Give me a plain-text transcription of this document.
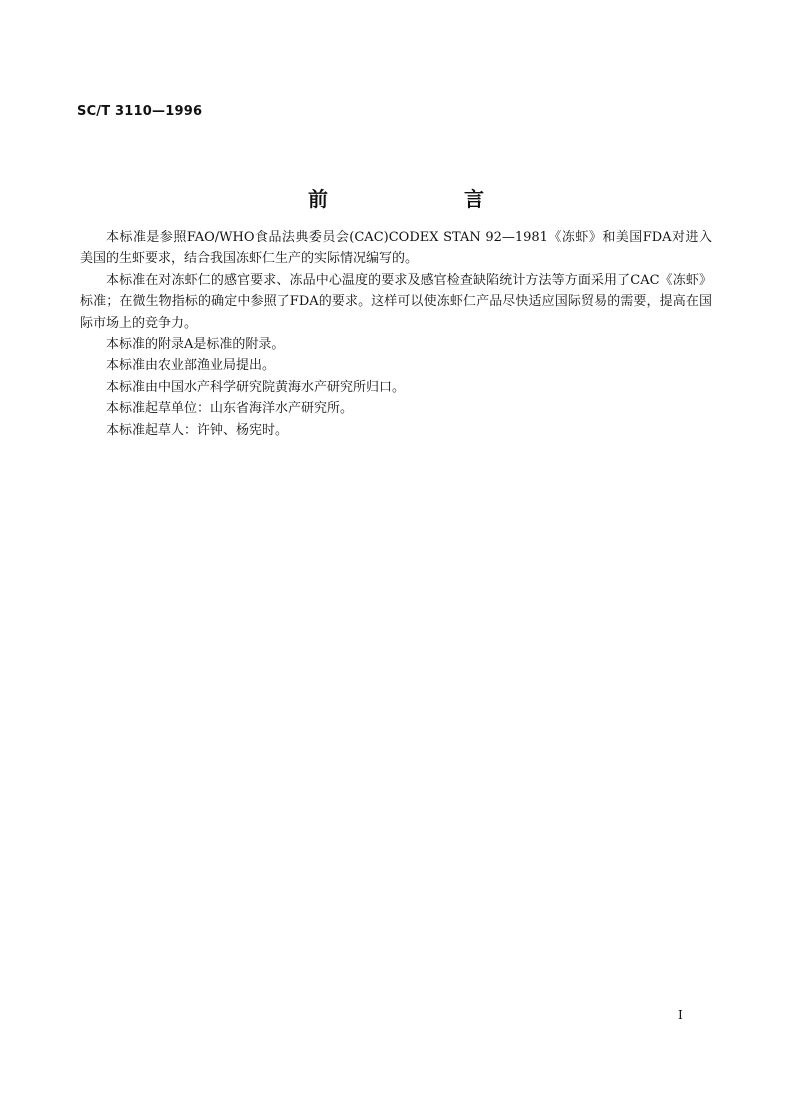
SC/T 3110—1996
前　言

本标准是参照FAO/WHO食品法典委员会(CAC)CODEX STAN 92—1981《冻虾》和美国FDA对进入美国的生虾要求，结合我国冻虾仁生产的实际情况编写的。

本标准在对冻虾仁的感官要求、冻品中心温度的要求及感官检查缺陷统计方法等方面采用了CAC《冻虾》标准；在微生物指标的确定中参照了FDA的要求。这样可以使冻虾仁产品尽快适应国际贸易的需要，提高在国际市场上的竞争力。

本标准的附录A是标准的附录。

本标准由农业部渔业局提出。

本标准由中国水产科学研究院黄海水产研究所归口。

本标准起草单位：山东省海洋水产研究所。

本标准起草人：许钟、杨宪时。

I
